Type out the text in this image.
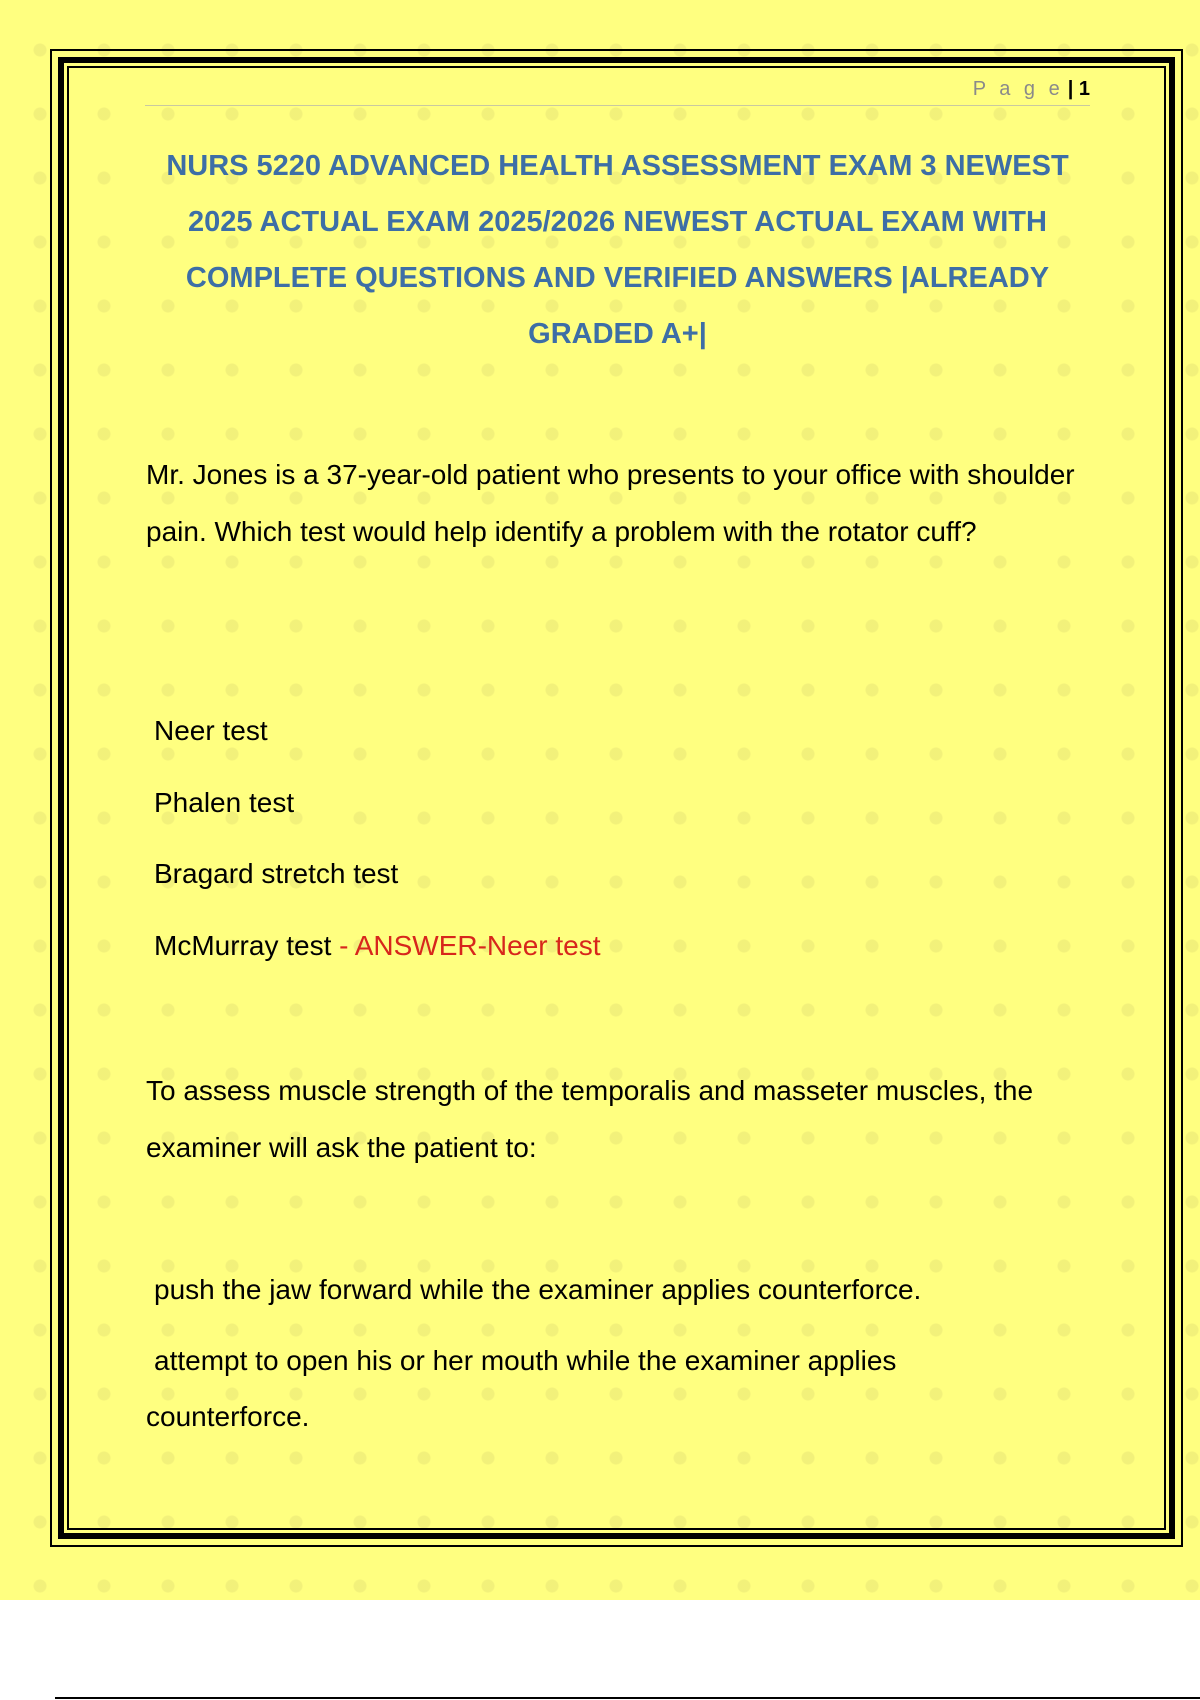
P a g e | 1
NURS 5220 ADVANCED HEALTH ASSESSMENT EXAM 3 NEWEST 2025 ACTUAL EXAM 2025/2026 NEWEST ACTUAL EXAM WITH COMPLETE QUESTIONS AND VERIFIED ANSWERS |ALREADY GRADED A+|
Mr. Jones is a 37-year-old patient who presents to your office with shoulder pain. Which test would help identify a problem with the rotator cuff?
Neer test
Phalen test
Bragard stretch test
McMurray test - ANSWER-Neer test
To assess muscle strength of the temporalis and masseter muscles, the examiner will ask the patient to:
push the jaw forward while the examiner applies counterforce.
attempt to open his or her mouth while the examiner applies
counterforce.
